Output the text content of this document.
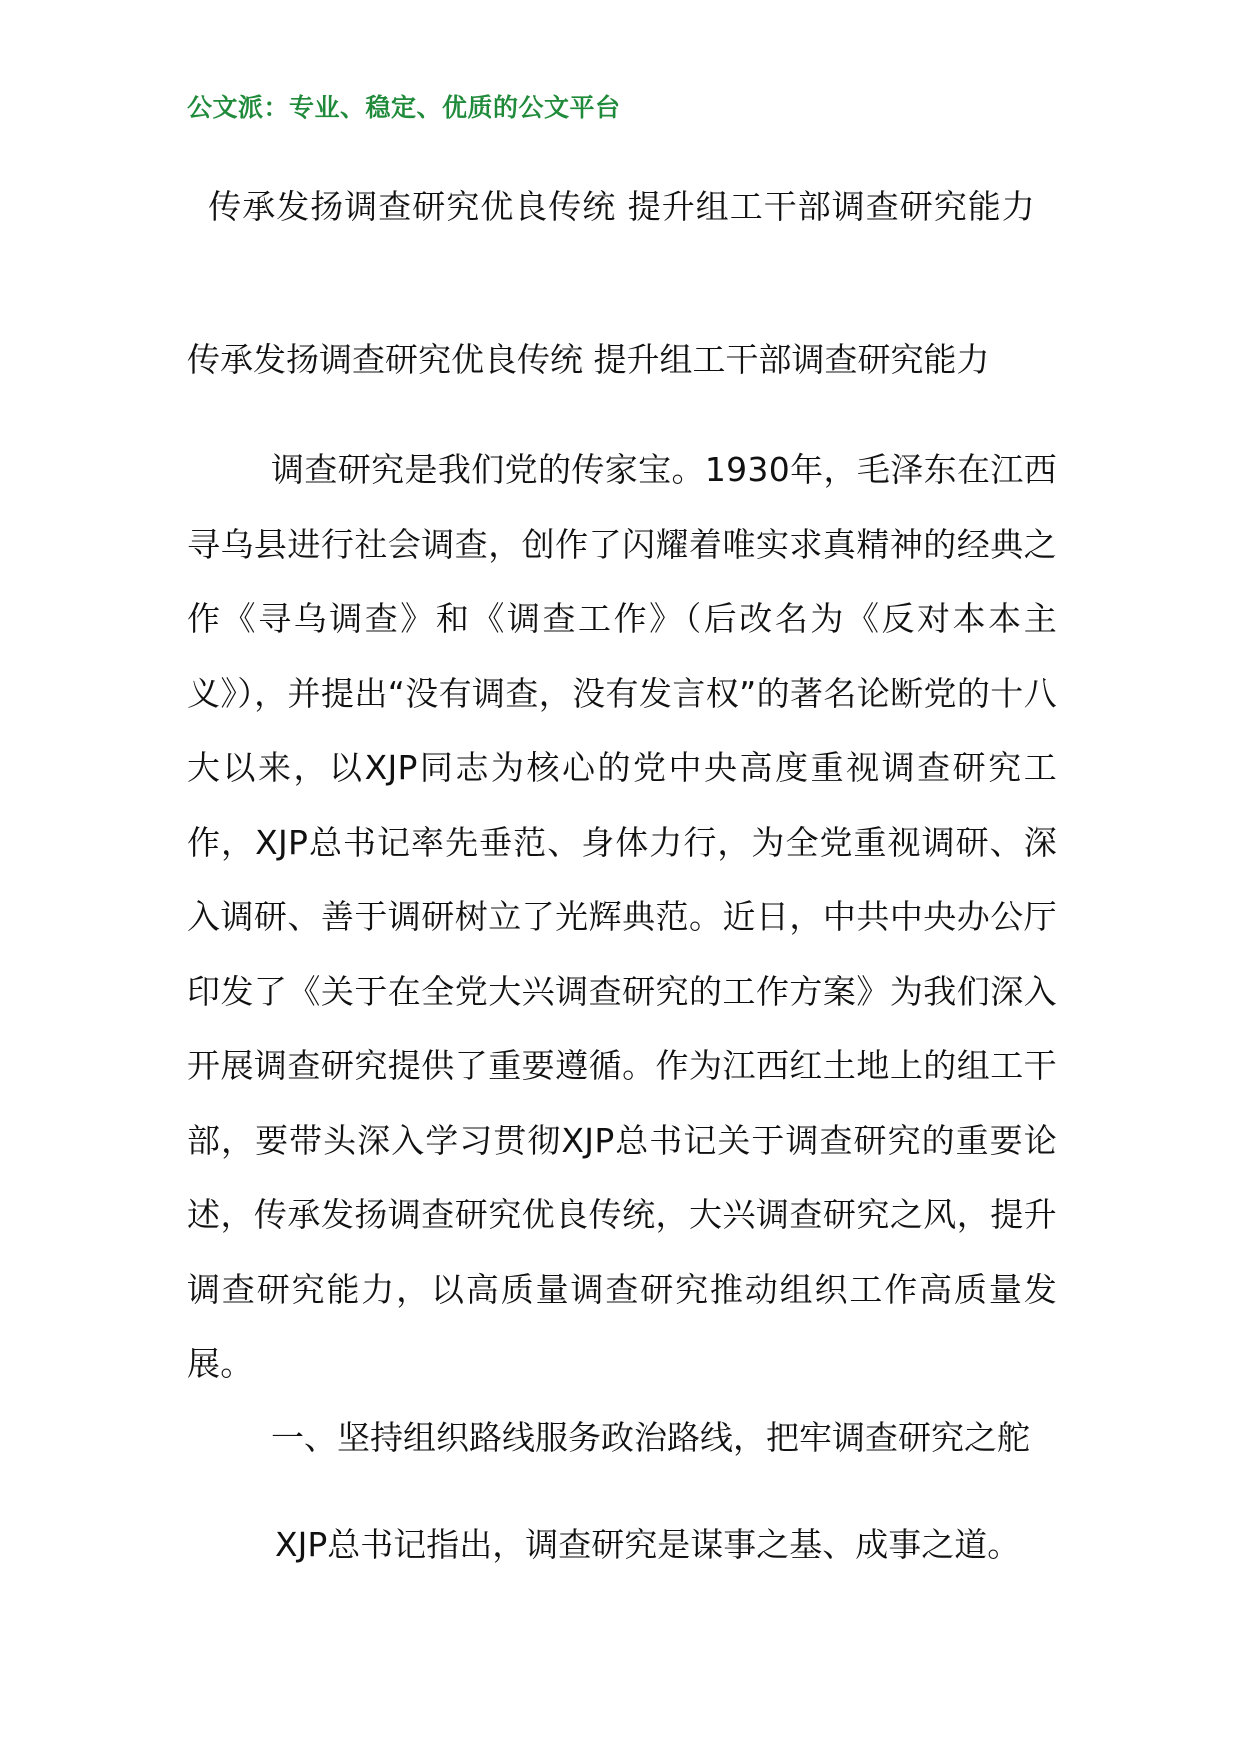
公文派：专业、稳定、优质的公文平台
传承发扬调查研究优良传统 提升组工干部调查研究能力
传承发扬调查研究优良传统 提升组工干部调查研究能力
调查研究是我们党的传家宝。1930年，毛泽东在江西寻乌县进行社会调查，创作了闪耀着唯实求真精神的经典之作《寻乌调查》和《调查工作》（后改名为《反对本本主义》），并提出“没有调查，没有发言权”的著名论断党的十八大以来，以XJP同志为核心的党中央高度重视调查研究工作，XJP总书记率先垂范、身体力行，为全党重视调研、深入调研、善于调研树立了光辉典范。近日，中共中央办公厅印发了《关于在全党大兴调查研究的工作方案》为我们深入开展调查研究提供了重要遵循。作为江西红土地上的组工干部，要带头深入学习贯彻XJP总书记关于调查研究的重要论述，传承发扬调查研究优良传统，大兴调查研究之风，提升调查研究能力，以高质量调查研究推动组织工作高质量发展。
一、坚持组织路线服务政治路线，把牢调查研究之舵
XJP总书记指出，调查研究是谋事之基、成事之道。
